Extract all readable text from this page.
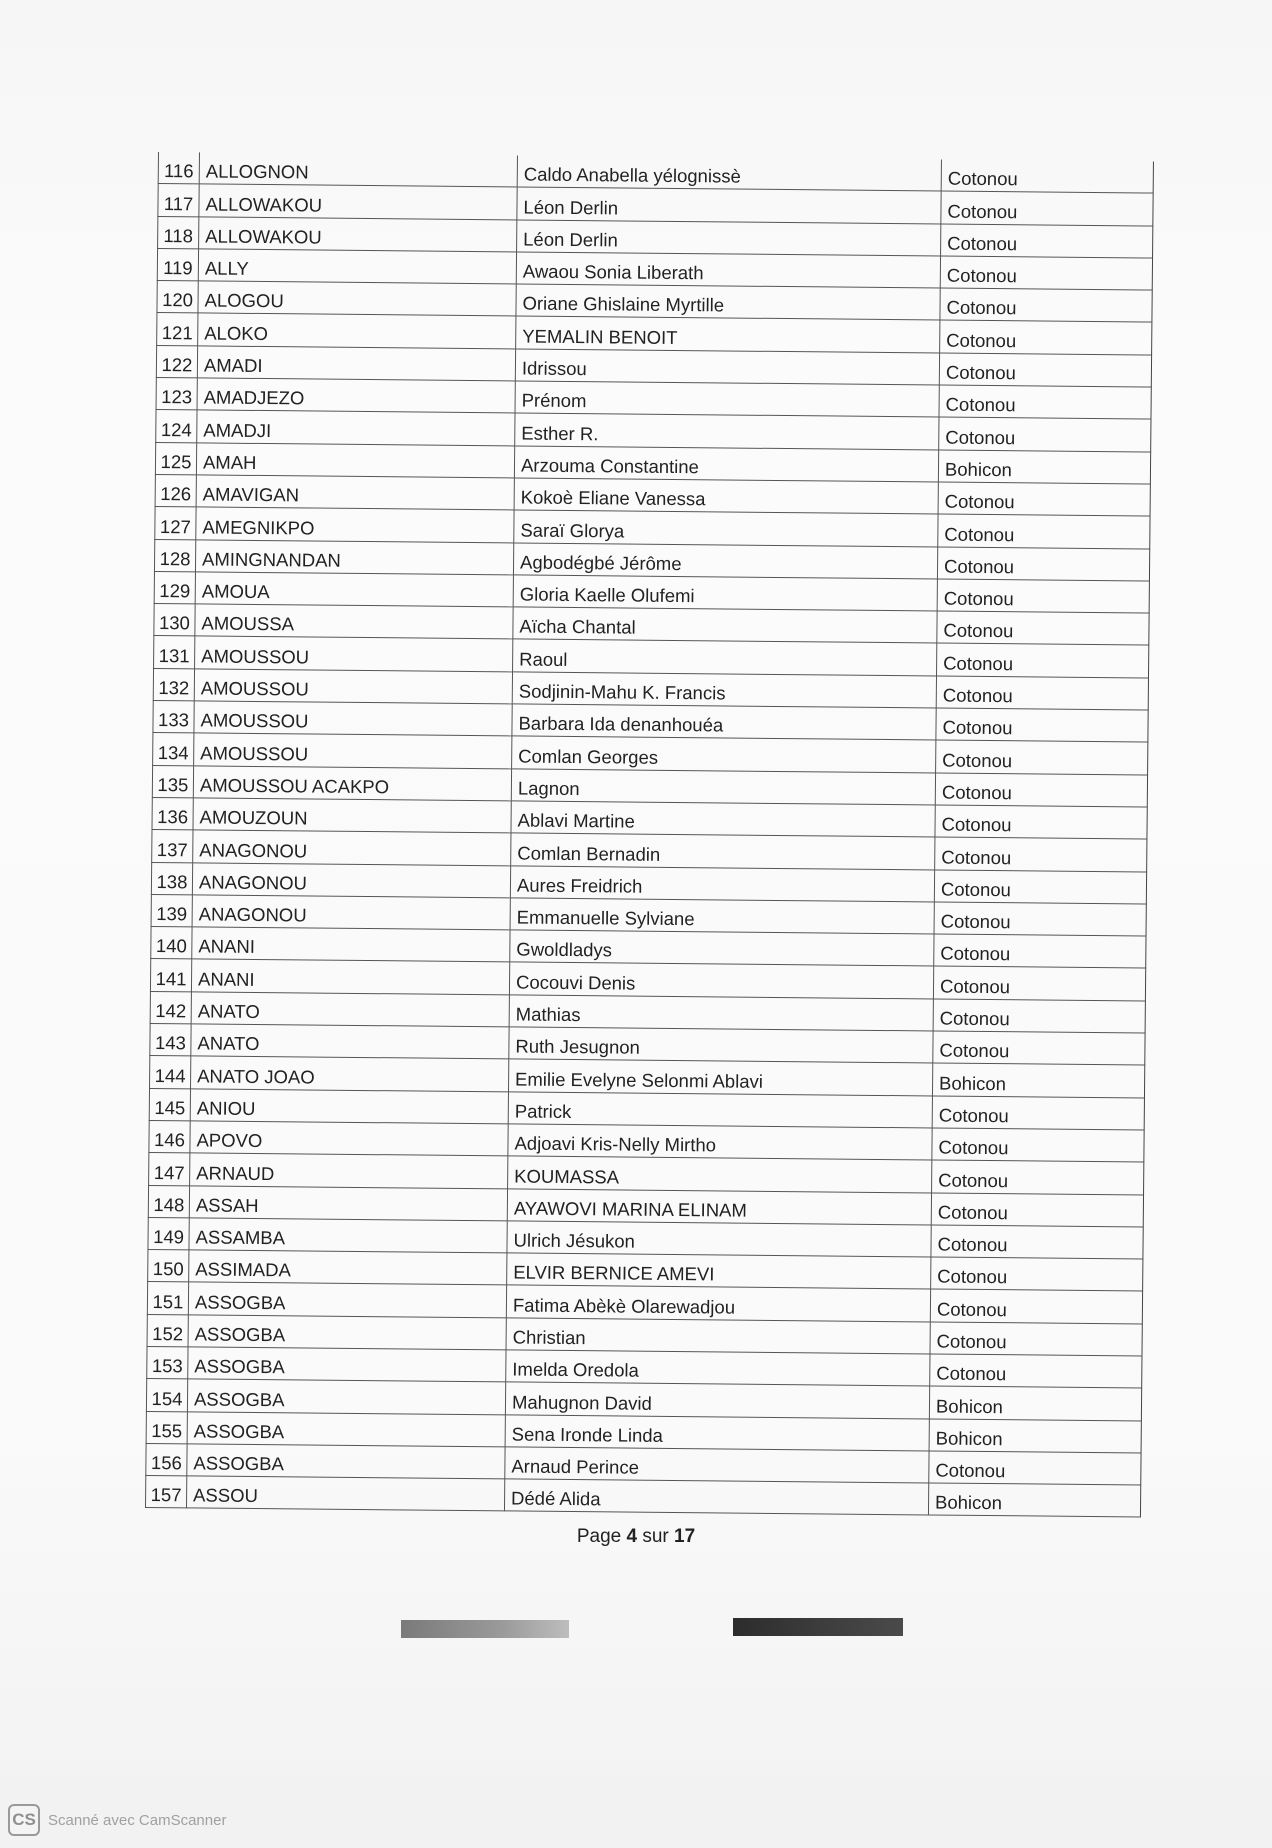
116	ALLOGNON	Caldo Anabella yélognissè	Cotonou
117	ALLOWAKOU	Léon Derlin	Cotonou
118	ALLOWAKOU	Léon Derlin	Cotonou
119	ALLY	Awaou Sonia Liberath	Cotonou
120	ALOGOU	Oriane Ghislaine Myrtille	Cotonou
121	ALOKO	YEMALIN BENOIT	Cotonou
122	AMADI	Idrissou	Cotonou
123	AMADJEZO	Prénom	Cotonou
124	AMADJI	Esther R.	Cotonou
125	AMAH	Arzouma Constantine	Bohicon
126	AMAVIGAN	Kokoè Eliane Vanessa	Cotonou
127	AMEGNIKPO	Saraï Glorya	Cotonou
128	AMINGNANDAN	Agbodégbé Jérôme	Cotonou
129	AMOUA	Gloria Kaelle Olufemi	Cotonou
130	AMOUSSA	Aïcha Chantal	Cotonou
131	AMOUSSOU	Raoul	Cotonou
132	AMOUSSOU	Sodjinin-Mahu K. Francis	Cotonou
133	AMOUSSOU	Barbara Ida denanhouéa	Cotonou
134	AMOUSSOU	Comlan Georges	Cotonou
135	AMOUSSOU ACAKPO	Lagnon	Cotonou
136	AMOUZOUN	Ablavi Martine	Cotonou
137	ANAGONOU	Comlan Bernadin	Cotonou
138	ANAGONOU	Aures Freidrich	Cotonou
139	ANAGONOU	Emmanuelle Sylviane	Cotonou
140	ANANI	Gwoldladys	Cotonou
141	ANANI	Cocouvi Denis	Cotonou
142	ANATO	Mathias	Cotonou
143	ANATO	Ruth Jesugnon	Cotonou
144	ANATO JOAO	Emilie Evelyne Selonmi Ablavi	Bohicon
145	ANIOU	Patrick	Cotonou
146	APOVO	Adjoavi Kris-Nelly Mirtho	Cotonou
147	ARNAUD	KOUMASSA	Cotonou
148	ASSAH	AYAWOVI MARINA ELINAM	Cotonou
149	ASSAMBA	Ulrich Jésukon	Cotonou
150	ASSIMADA	ELVIR BERNICE AMEVI	Cotonou
151	ASSOGBA	Fatima Abèkè Olarewadjou	Cotonou
152	ASSOGBA	Christian	Cotonou
153	ASSOGBA	Imelda Oredola	Cotonou
154	ASSOGBA	Mahugnon David	Bohicon
155	ASSOGBA	Sena Ironde Linda	Bohicon
156	ASSOGBA	Arnaud Perince	Cotonou
157	ASSOU	Dédé Alida	Bohicon
Page 4 sur 17
CS Scanné avec CamScanner
